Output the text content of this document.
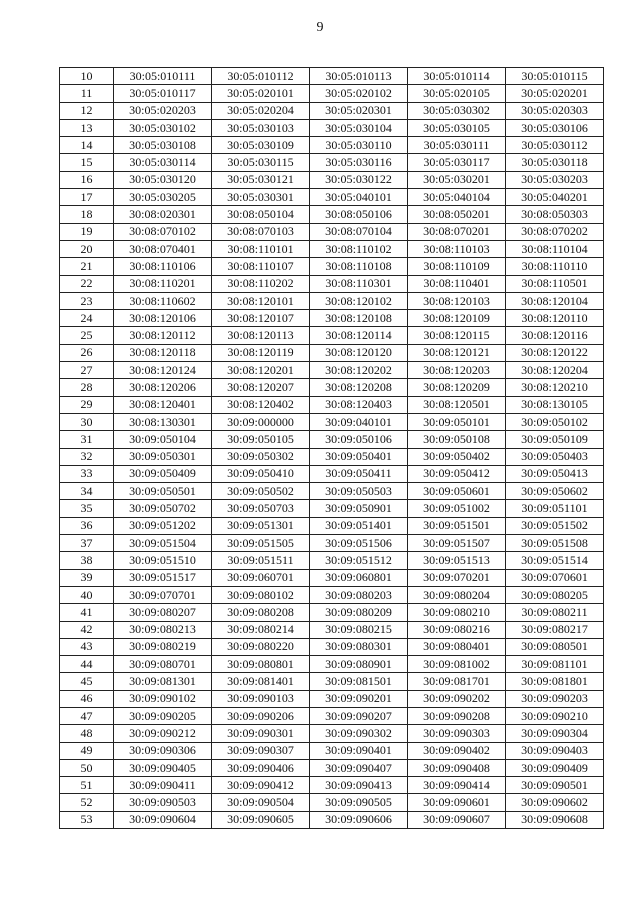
9
10	30:05:010111	30:05:010112	30:05:010113	30:05:010114	30:05:010115
11	30:05:010117	30:05:020101	30:05:020102	30:05:020105	30:05:020201
12	30:05:020203	30:05:020204	30:05:020301	30:05:030302	30:05:020303
13	30:05:030102	30:05:030103	30:05:030104	30:05:030105	30:05:030106
14	30:05:030108	30:05:030109	30:05:030110	30:05:030111	30:05:030112
15	30:05:030114	30:05:030115	30:05:030116	30:05:030117	30:05:030118
16	30:05:030120	30:05:030121	30:05:030122	30:05:030201	30:05:030203
17	30:05:030205	30:05:030301	30:05:040101	30:05:040104	30:05:040201
18	30:08:020301	30:08:050104	30:08:050106	30:08:050201	30:08:050303
19	30:08:070102	30:08:070103	30:08:070104	30:08:070201	30:08:070202
20	30:08:070401	30:08:110101	30:08:110102	30:08:110103	30:08:110104
21	30:08:110106	30:08:110107	30:08:110108	30:08:110109	30:08:110110
22	30:08:110201	30:08:110202	30:08:110301	30:08:110401	30:08:110501
23	30:08:110602	30:08:120101	30:08:120102	30:08:120103	30:08:120104
24	30:08:120106	30:08:120107	30:08:120108	30:08:120109	30:08:120110
25	30:08:120112	30:08:120113	30:08:120114	30:08:120115	30:08:120116
26	30:08:120118	30:08:120119	30:08:120120	30:08:120121	30:08:120122
27	30:08:120124	30:08:120201	30:08:120202	30:08:120203	30:08:120204
28	30:08:120206	30:08:120207	30:08:120208	30:08:120209	30:08:120210
29	30:08:120401	30:08:120402	30:08:120403	30:08:120501	30:08:130105
30	30:08:130301	30:09:000000	30:09:040101	30:09:050101	30:09:050102
31	30:09:050104	30:09:050105	30:09:050106	30:09:050108	30:09:050109
32	30:09:050301	30:09:050302	30:09:050401	30:09:050402	30:09:050403
33	30:09:050409	30:09:050410	30:09:050411	30:09:050412	30:09:050413
34	30:09:050501	30:09:050502	30:09:050503	30:09:050601	30:09:050602
35	30:09:050702	30:09:050703	30:09:050901	30:09:051002	30:09:051101
36	30:09:051202	30:09:051301	30:09:051401	30:09:051501	30:09:051502
37	30:09:051504	30:09:051505	30:09:051506	30:09:051507	30:09:051508
38	30:09:051510	30:09:051511	30:09:051512	30:09:051513	30:09:051514
39	30:09:051517	30:09:060701	30:09:060801	30:09:070201	30:09:070601
40	30:09:070701	30:09:080102	30:09:080203	30:09:080204	30:09:080205
41	30:09:080207	30:09:080208	30:09:080209	30:09:080210	30:09:080211
42	30:09:080213	30:09:080214	30:09:080215	30:09:080216	30:09:080217
43	30:09:080219	30:09:080220	30:09:080301	30:09:080401	30:09:080501
44	30:09:080701	30:09:080801	30:09:080901	30:09:081002	30:09:081101
45	30:09:081301	30:09:081401	30:09:081501	30:09:081701	30:09:081801
46	30:09:090102	30:09:090103	30:09:090201	30:09:090202	30:09:090203
47	30:09:090205	30:09:090206	30:09:090207	30:09:090208	30:09:090210
48	30:09:090212	30:09:090301	30:09:090302	30:09:090303	30:09:090304
49	30:09:090306	30:09:090307	30:09:090401	30:09:090402	30:09:090403
50	30:09:090405	30:09:090406	30:09:090407	30:09:090408	30:09:090409
51	30:09:090411	30:09:090412	30:09:090413	30:09:090414	30:09:090501
52	30:09:090503	30:09:090504	30:09:090505	30:09:090601	30:09:090602
53	30:09:090604	30:09:090605	30:09:090606	30:09:090607	30:09:090608
